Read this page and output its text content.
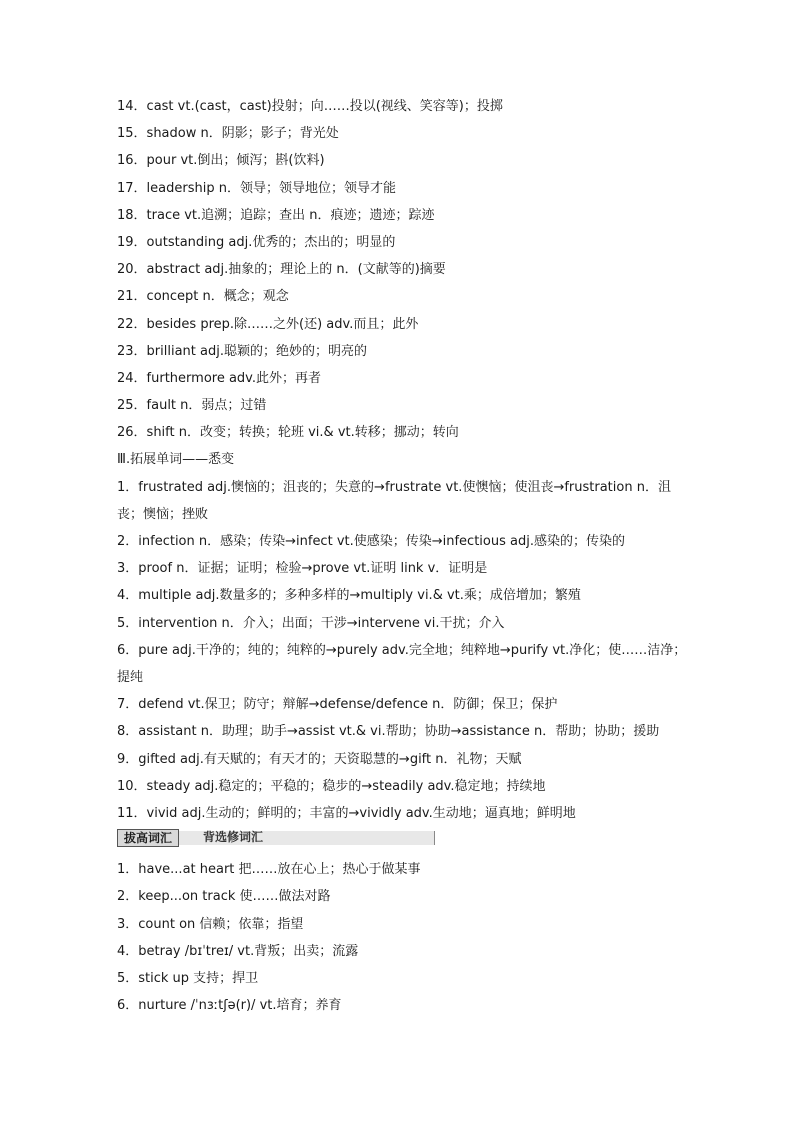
14．cast vt.(cast，cast)投射；向……投以(视线、笑容等)；投掷
15．shadow n．阴影；影子；背光处
16．pour vt.倒出；倾泻；斟(饮料)
17．leadership n．领导；领导地位；领导才能
18．trace vt.追溯；追踪；查出 n．痕迹；遗迹；踪迹
19．outstanding adj.优秀的；杰出的；明显的
20．abstract adj.抽象的；理论上的 n．(文献等的)摘要
21．concept n．概念；观念
22．besides prep.除……之外(还) adv.而且；此外
23．brilliant adj.聪颖的；绝妙的；明亮的
24．furthermore adv.此外；再者
25．fault n．弱点；过错
26．shift n．改变；转换；轮班 vi.& vt.转移；挪动；转向
Ⅲ.拓展单词——悉变
1．frustrated adj.懊恼的；沮丧的；失意的→frustrate vt.使懊恼；使沮丧→frustration n．沮丧；懊恼；挫败
2．infection n．感染；传染→infect vt.使感染；传染→infectious adj.感染的；传染的
3．proof n．证据；证明；检验→prove vt.证明 link v．证明是
4．multiple adj.数量多的；多种多样的→multiply vi.& vt.乘；成倍增加；繁殖
5．intervention n．介入；出面；干涉→intervene vi.干扰；介入
6．pure adj.干净的；纯的；纯粹的→purely adv.完全地；纯粹地→purify vt.净化；使……洁净；提纯
7．defend vt.保卫；防守；辩解→defense/defence n．防御；保卫；保护
8．assistant n．助理；助手→assist vt.& vi.帮助；协助→assistance n．帮助；协助；援助
9．gifted adj.有天赋的；有天才的；天资聪慧的→gift n．礼物；天赋
10．steady adj.稳定的；平稳的；稳步的→steadily adv.稳定地；持续地
11．vivid adj.生动的；鲜明的；丰富的→vividly adv.生动地；逼真地；鲜明地
拔高词汇	背选修词汇
1．have...at heart 把……放在心上；热心于做某事
2．keep...on track 使……做法对路
3．count on 信赖；依靠；指望
4．betray /bɪˈtreɪ/ vt.背叛；出卖；流露
5．stick up 支持；捍卫
6．nurture /ˈnɜːtʃə(r)/ vt.培育；养育
